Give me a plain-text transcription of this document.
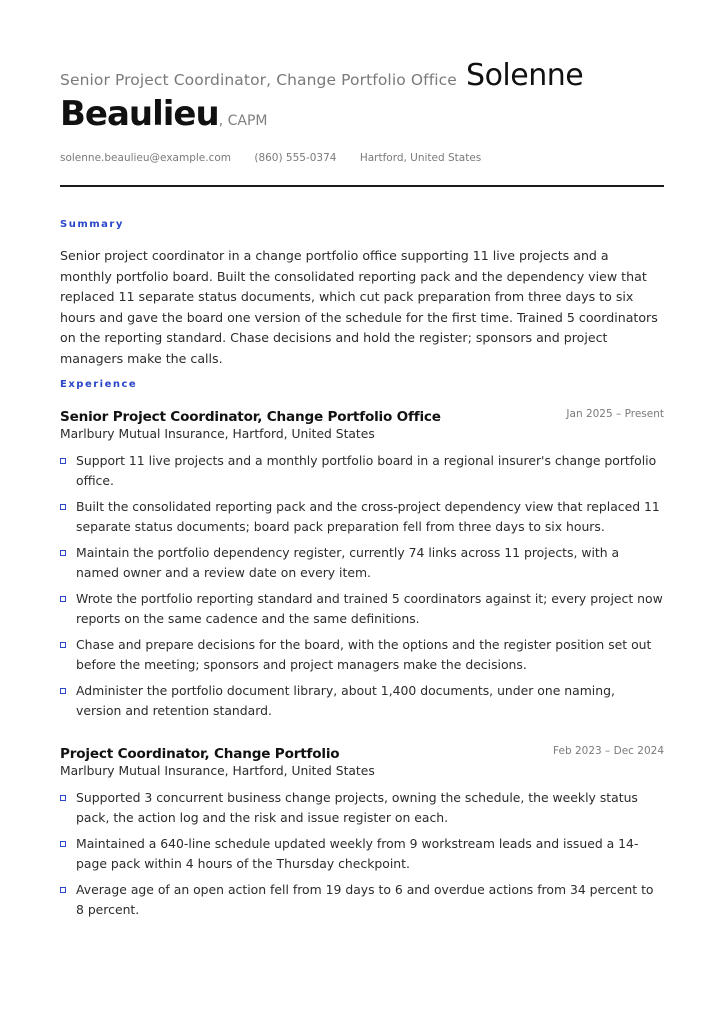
Senior Project Coordinator, Change Portfolio Office Solenne
Beaulieu, CAPM
solenne.beaulieu@example.com (860) 555-0374 Hartford, United States
Summary
Senior project coordinator in a change portfolio office supporting 11 live projects and a monthly portfolio board. Built the consolidated reporting pack and the dependency view that replaced 11 separate status documents, which cut pack preparation from three days to six hours and gave the board one version of the schedule for the first time. Trained 5 coordinators on the reporting standard. Chase decisions and hold the register; sponsors and project managers make the calls.
Experience
Senior Project Coordinator, Change Portfolio Office	Jan 2025 – Present
Marlbury Mutual Insurance, Hartford, United States
Support 11 live projects and a monthly portfolio board in a regional insurer's change portfolio office.
Built the consolidated reporting pack and the cross-project dependency view that replaced 11 separate status documents; board pack preparation fell from three days to six hours.
Maintain the portfolio dependency register, currently 74 links across 11 projects, with a named owner and a review date on every item.
Wrote the portfolio reporting standard and trained 5 coordinators against it; every project now reports on the same cadence and the same definitions.
Chase and prepare decisions for the board, with the options and the register position set out before the meeting; sponsors and project managers make the decisions.
Administer the portfolio document library, about 1,400 documents, under one naming, version and retention standard.
Project Coordinator, Change Portfolio	Feb 2023 – Dec 2024
Marlbury Mutual Insurance, Hartford, United States
Supported 3 concurrent business change projects, owning the schedule, the weekly status pack, the action log and the risk and issue register on each.
Maintained a 640-line schedule updated weekly from 9 workstream leads and issued a 14-page pack within 4 hours of the Thursday checkpoint.
Average age of an open action fell from 19 days to 6 and overdue actions from 34 percent to 8 percent.
